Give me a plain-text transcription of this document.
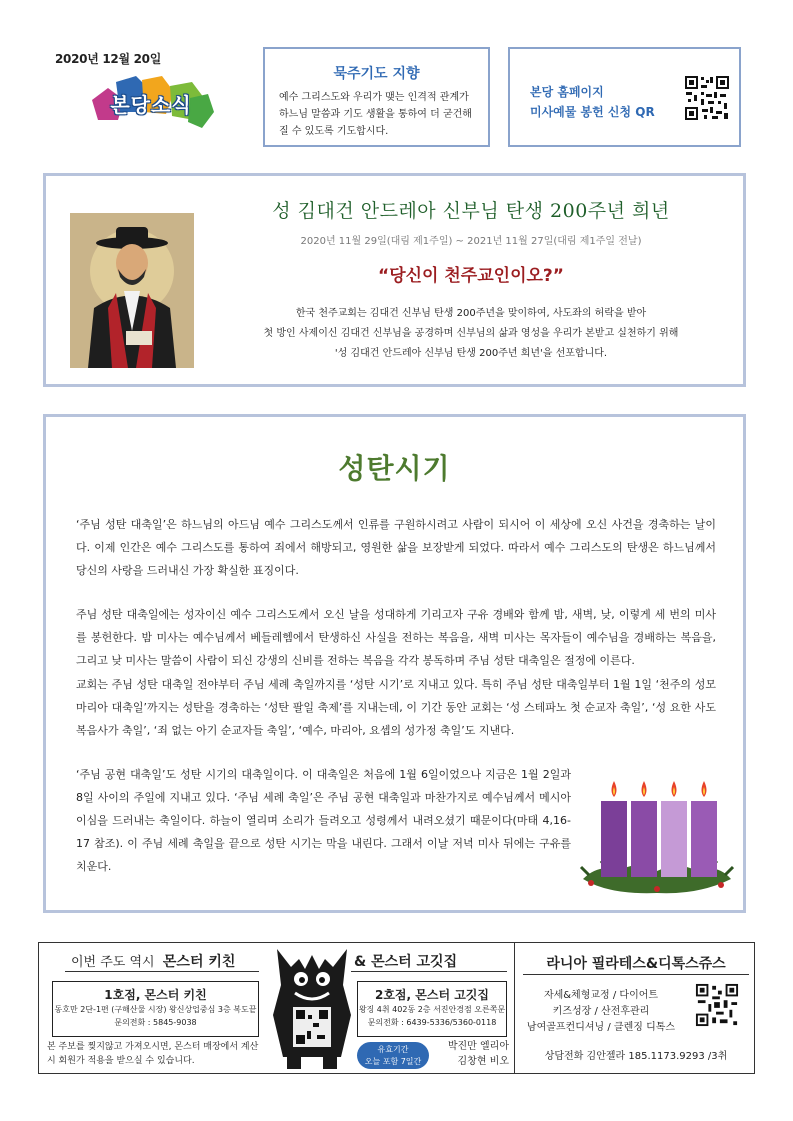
2020년 12월 20일
본당소식
묵주기도 지향
예수 그리스도와 우리가 맺는 인격적 관계가 하느님 말씀과 기도 생활을 통하여 더 굳건해 질 수 있도록 기도합시다.
본당 홈페이지
미사예물 봉헌 신청 QR
성 김대건 안드레아 신부님 탄생 200주년 희년
2020년 11월 29일(대림 제1주일) ~ 2021년 11월 27일(대림 제1주일 전날)
“당신이 천주교인이오?”
한국 천주교회는 김대건 신부님 탄생 200주년을 맞이하여, 사도좌의 허락을 받아
첫 방인 사제이신 김대건 신부님을 공경하며 신부님의 삶과 영성을 우리가 본받고 실천하기 위해
'성 김대건 안드레아 신부님 탄생 200주년 희년'을 선포합니다.
성탄시기

‘주님 성탄 대축일’은 하느님의 아드님 예수 그리스도께서 인류를 구원하시려고 사람이 되시어 이 세상에 오신 사건을 경축하는 날이다. 이제 인간은 예수 그리스도를 통하여 죄에서 해방되고, 영원한 삶을 보장받게 되었다. 따라서 예수 그리스도의 탄생은 하느님께서 당신의 사랑을 드러내신 가장 확실한 표징이다.

주님 성탄 대축일에는 성자이신 예수 그리스도께서 오신 날을 성대하게 기리고자 구유 경배와 함께 밤, 새벽, 낮, 이렇게 세 번의 미사를 봉헌한다. 밤 미사는 예수님께서 베들레헴에서 탄생하신 사실을 전하는 복음을, 새벽 미사는 목자들이 예수님을 경배하는 복음을, 그리고 낮 미사는 말씀이 사람이 되신 강생의 신비를 전하는 복음을 각각 봉독하며 주님 성탄 대축일은 절정에 이른다.

교회는 주님 성탄 대축일 전야부터 주님 세례 축일까지를 ‘성탄 시기’로 지내고 있다. 특히 주님 성탄 대축일부터 1월 1일 ‘천주의 성모 마리아 대축일’까지는 성탄을 경축하는 ‘성탄 팔일 축제’를 지내는데, 이 기간 동안 교회는 ‘성 스테파노 첫 순교자 축일’, ‘성 요한 사도 복음사가 축일’, ‘죄 없는 아기 순교자들 축일’, ‘예수, 마리아, 요셉의 성가정 축일’도 지낸다.

‘주님 공현 대축일’도 성탄 시기의 대축일이다. 이 대축일은 처음에 1월 6일이었으나 지금은 1월 2일과 8일 사이의 주일에 지내고 있다. ‘주님 세례 축일’은 주님 공현 대축일과 마찬가지로 예수님께서 메시아이심을 드러내는 축일이다. 하늘이 열리며 소리가 들려오고 성령께서 내려오셨기 때문이다(마태 4,16-17 참조). 이 주님 세례 축일을 끝으로 성탄 시기는 막을 내린다. 그래서 이날 저녁 미사 뒤에는 구유를 치운다.

이번 주도 역시 몬스터 키친	& 몬스터 고깃집
1호점, 몬스터 키친
동호만 2단-1편 (구해산물 시장) 왕신상업중심 3층 복도끝
문의전화 : 5845-9038
2호점, 몬스터 고깃집
왕징 4취 402동 2층 서진안경점 오른쪽문
문의전화 : 6439-5336/5360-0118
본 주보를 찢지않고 가져오시면, 몬스터 매장에서 계산시 회원가 적용을 받으실 수 있습니다.
유효기간
오늘 포함 7일간
박진만 엘리아
김창현 비오
라니아 필라테스&디톡스쥬스
자세&체형교정 / 다이어트
키즈성장 / 산전후관리
남여골프컨디셔닝 / 클렌징 디톡스
상담전화 김안젤라 185.1173.9293 /3취
